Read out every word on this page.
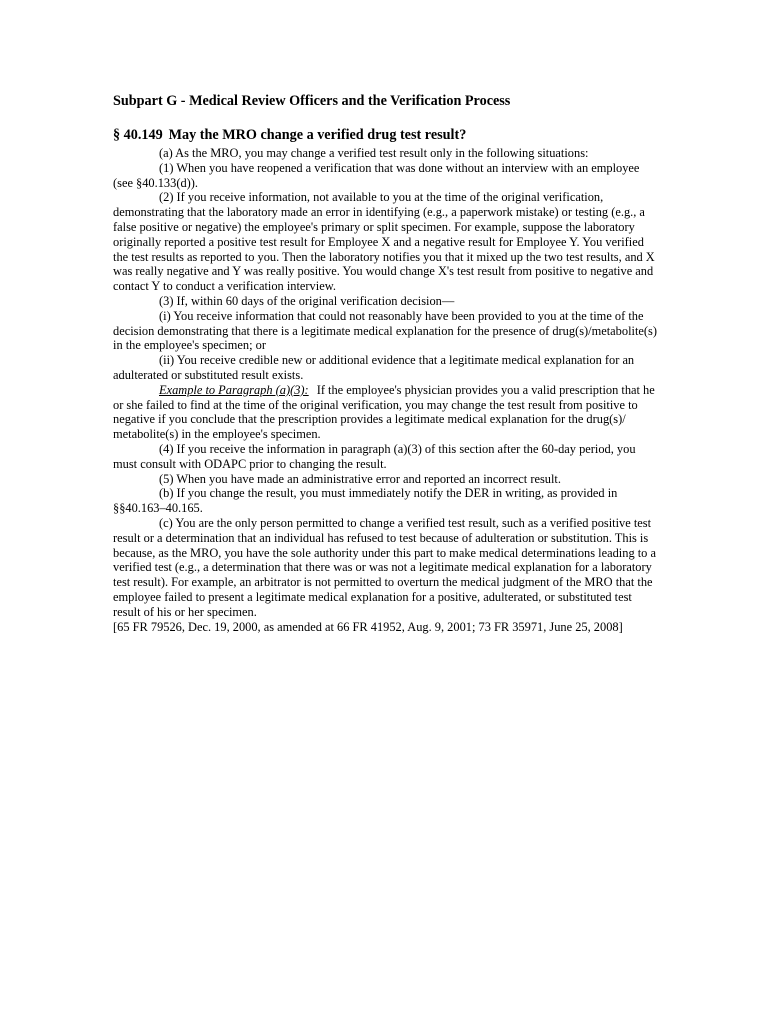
Subpart G - Medical Review Officers and the Verification Process
§ 40.149 May the MRO change a verified drug test result?

(a) As the MRO, you may change a verified test result only in the following situations:

(1) When you have reopened a verification that was done without an interview with an employee (see §40.133(d)).

(2) If you receive information, not available to you at the time of the original verification, demonstrating that the laboratory made an error in identifying (e.g., a paperwork mistake) or testing (e.g., a false positive or negative) the employee's primary or split specimen. For example, suppose the laboratory originally reported a positive test result for Employee X and a negative result for Employee Y. You verified the test results as reported to you. Then the laboratory notifies you that it mixed up the two test results, and X was really negative and Y was really positive. You would change X's test result from positive to negative and contact Y to conduct a verification interview.

(3) If, within 60 days of the original verification decision—

(i) You receive information that could not reasonably have been provided to you at the time of the decision demonstrating that there is a legitimate medical explanation for the presence of drug(s)/metabolite(s) in the employee's specimen; or

(ii) You receive credible new or additional evidence that a legitimate medical explanation for an adulterated or substituted result exists.

Example to Paragraph (a)(3): If the employee's physician provides you a valid prescription that he or she failed to find at the time of the original verification, you may change the test result from positive to negative if you conclude that the prescription provides a legitimate medical explanation for the drug(s)/ metabolite(s) in the employee's specimen.

(4) If you receive the information in paragraph (a)(3) of this section after the 60-day period, you must consult with ODAPC prior to changing the result.

(5) When you have made an administrative error and reported an incorrect result.

(b) If you change the result, you must immediately notify the DER in writing, as provided in §§40.163–40.165.

(c) You are the only person permitted to change a verified test result, such as a verified positive test result or a determination that an individual has refused to test because of adulteration or substitution. This is because, as the MRO, you have the sole authority under this part to make medical determinations leading to a verified test (e.g., a determination that there was or was not a legitimate medical explanation for a laboratory test result). For example, an arbitrator is not permitted to overturn the medical judgment of the MRO that the employee failed to present a legitimate medical explanation for a positive, adulterated, or substituted test result of his or her specimen.

[65 FR 79526, Dec. 19, 2000, as amended at 66 FR 41952, Aug. 9, 2001; 73 FR 35971, June 25, 2008]
